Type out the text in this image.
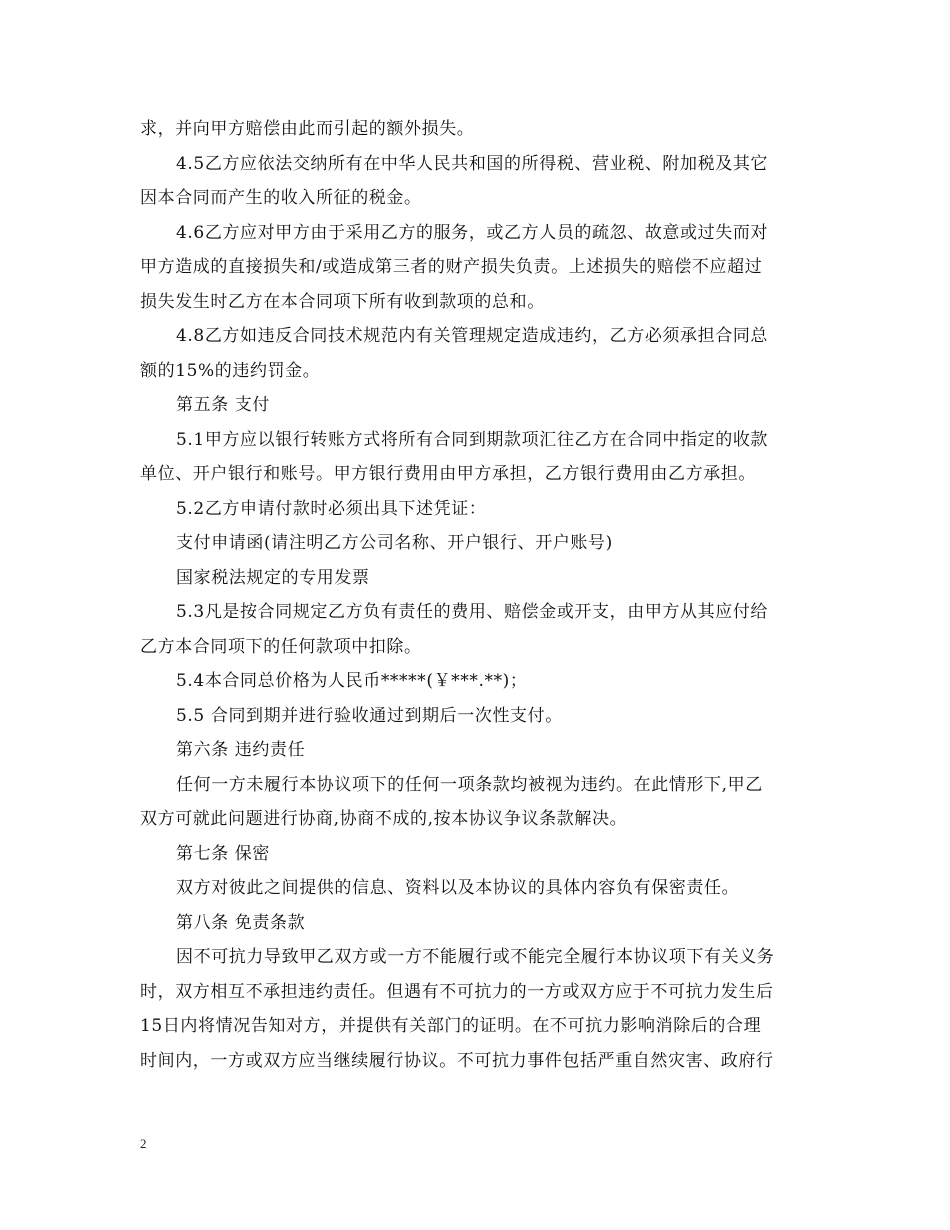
求，并向甲方赔偿由此而引起的额外损失。
4.5乙方应依法交纳所有在中华人民共和国的所得税、营业税、附加税及其它
因本合同而产生的收入所征的税金。
4.6乙方应对甲方由于采用乙方的服务，或乙方人员的疏忽、故意或过失而对
甲方造成的直接损失和/或造成第三者的财产损失负责。上述损失的赔偿不应超过
损失发生时乙方在本合同项下所有收到款项的总和。
4.8乙方如违反合同技术规范内有关管理规定造成违约，乙方必须承担合同总
额的15%的违约罚金。
第五条 支付
5.1甲方应以银行转账方式将所有合同到期款项汇往乙方在合同中指定的收款
单位、开户银行和账号。甲方银行费用由甲方承担，乙方银行费用由乙方承担。
5.2乙方申请付款时必须出具下述凭证：
支付申请函(请注明乙方公司名称、开户银行、开户账号)
国家税法规定的专用发票
5.3凡是按合同规定乙方负有责任的费用、赔偿金或开支，由甲方从其应付给
乙方本合同项下的任何款项中扣除。
5.4本合同总价格为人民币*****(￥***.**)；
5.5 合同到期并进行验收通过到期后一次性支付。
第六条 违约责任
任何一方未履行本协议项下的任何一项条款均被视为违约。在此情形下,甲乙
双方可就此问题进行协商,协商不成的,按本协议争议条款解决。
第七条 保密
双方对彼此之间提供的信息、资料以及本协议的具体内容负有保密责任。
第八条 免责条款
因不可抗力导致甲乙双方或一方不能履行或不能完全履行本协议项下有关义务
时，双方相互不承担违约责任。但遇有不可抗力的一方或双方应于不可抗力发生后
15日内将情况告知对方，并提供有关部门的证明。在不可抗力影响消除后的合理
时间内，一方或双方应当继续履行协议。不可抗力事件包括严重自然灾害、政府行
2
